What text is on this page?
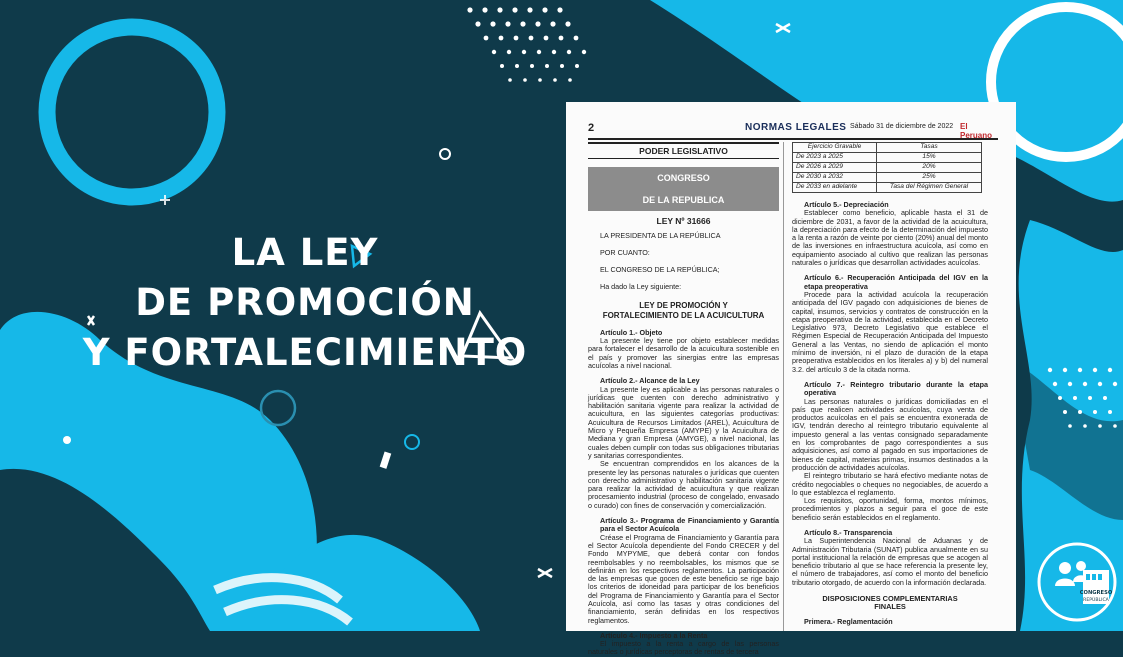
LA LEY
DE PROMOCIÓN
Y FORTALECIMIENTO
2	NORMAS LEGALES Sábado 31 de diciembre de 2022 El Peruano
PODER LEGISLATIVO
CONGRESO
DE LA REPUBLICA
LEY Nº 31666
LA PRESIDENTA DE LA REPÚBLICA
POR CUANTO:
EL CONGRESO DE LA REPÚBLICA;
Ha dado la Ley siguiente:
LEY DE PROMOCIÓN Y
FORTALECIMIENTO DE LA ACUICULTURA
Artículo 1.- Objeto
La presente ley tiene por objeto establecer medidas para fortalecer el desarrollo de la acuicultura sostenible en el país y promover las sinergias entre las empresas acuícolas a nivel nacional.
Artículo 2.- Alcance de la Ley
La presente ley es aplicable a las personas naturales o jurídicas que cuenten con derecho administrativo y habilitación sanitaria vigente para realizar la actividad de acuicultura, en las siguientes categorías productivas: Acuicultura de Recursos Limitados (AREL), Acuicultura de Micro y Pequeña Empresa (AMYPE) y la Acuicultura de Mediana y gran Empresa (AMYGE), a nivel nacional, las cuales deben cumplir con todas sus obligaciones tributarias y sanitarias correspondientes.
Se encuentran comprendidos en los alcances de la presente ley las personas naturales o jurídicas que cuenten con derecho administrativo y habilitación sanitaria vigente para realizar la actividad de acuicultura y que realizan procesamiento industrial (proceso de congelado, envasado o curado) con fines de conservación y comercialización.
Artículo 3.- Programa de Financiamiento y Garantía para el Sector Acuícola
Créase el Programa de Financiamiento y Garantía para el Sector Acuícola dependiente del Fondo CRECER y del Fondo MYPYME, que deberá contar con fondos reembolsables y no reembolsables, los mismos que se definirán en los respectivos reglamentos. La participación de las empresas que gocen de este beneficio se rige bajo los criterios de idoneidad para participar de los beneficios del Programa de Financiamiento y Garantía para el Sector Acuícola, así como las tasas y otras condiciones del financiamiento, serán definidas en los respectivos reglamentos.
Artículo 4.- Impuesto a la Renta
El impuesto a la renta a cargo de las personas naturales o jurídicas perceptoras de rentas de tercera
Ejercicio Gravable	Tasas
De 2023 a 2025	15%
De 2026 a 2029	20%
De 2030 a 2032	25%
De 2033 en adelante	Tasa del Régimen General
Artículo 5.- Depreciación
Establecer como beneficio, aplicable hasta el 31 de diciembre de 2031, a favor de la actividad de la acuicultura, la depreciación para efecto de la determinación del impuesto a la renta a razón de veinte por ciento (20%) anual del monto de las inversiones en infraestructura acuícola, así como en equipamiento asociado al cultivo que realizan las personas naturales o jurídicas que desarrollan actividades acuícolas.
Artículo 6.- Recuperación Anticipada del IGV en la etapa preoperativa
Procede para la actividad acuícola la recuperación anticipada del IGV pagado con adquisiciones de bienes de capital, insumos, servicios y contratos de construcción en la etapa preoperativa de la actividad, establecida en el Decreto Legislativo 973, Decreto Legislativo que establece el Régimen Especial de Recuperación Anticipada del Impuesto General a las Ventas, no siendo de aplicación el monto mínimo de inversión, ni el plazo de duración de la etapa preoperativa establecidos en los literales a) y b) del numeral 3.2. del artículo 3 de la citada norma.
Artículo 7.- Reintegro tributario durante la etapa operativa
Las personas naturales o jurídicas domiciliadas en el país que realicen actividades acuícolas, cuya venta de productos acuícolas en el país se encuentra exonerada de IGV, tendrán derecho al reintegro tributario equivalente al impuesto general a las ventas consignado separadamente en los comprobantes de pago correspondientes a sus adquisiciones, así como al pagado en sus importaciones de bienes de capital, materias primas, insumos destinados a la producción de actividades acuícolas.
El reintegro tributario se hará efectivo mediante notas de crédito negociables o cheques no negociables, de acuerdo a lo que establezca el reglamento.
Los requisitos, oportunidad, forma, montos mínimos, procedimientos y plazos a seguir para el goce de este beneficio serán establecidos en el reglamento.
Artículo 8.- Transparencia
La Superintendencia Nacional de Aduanas y de Administración Tributaria (SUNAT) publica anualmente en su portal institucional la relación de empresas que se acogen al beneficio tributario al que se hace referencia la presente ley, el número de trabajadores, así como el monto del beneficio tributario otorgado, de acuerdo con la información declarada.
DISPOSICIONES COMPLEMENTARIAS
FINALES
Primera.- Reglamentación
CONGRESO
REPÚBLICA
